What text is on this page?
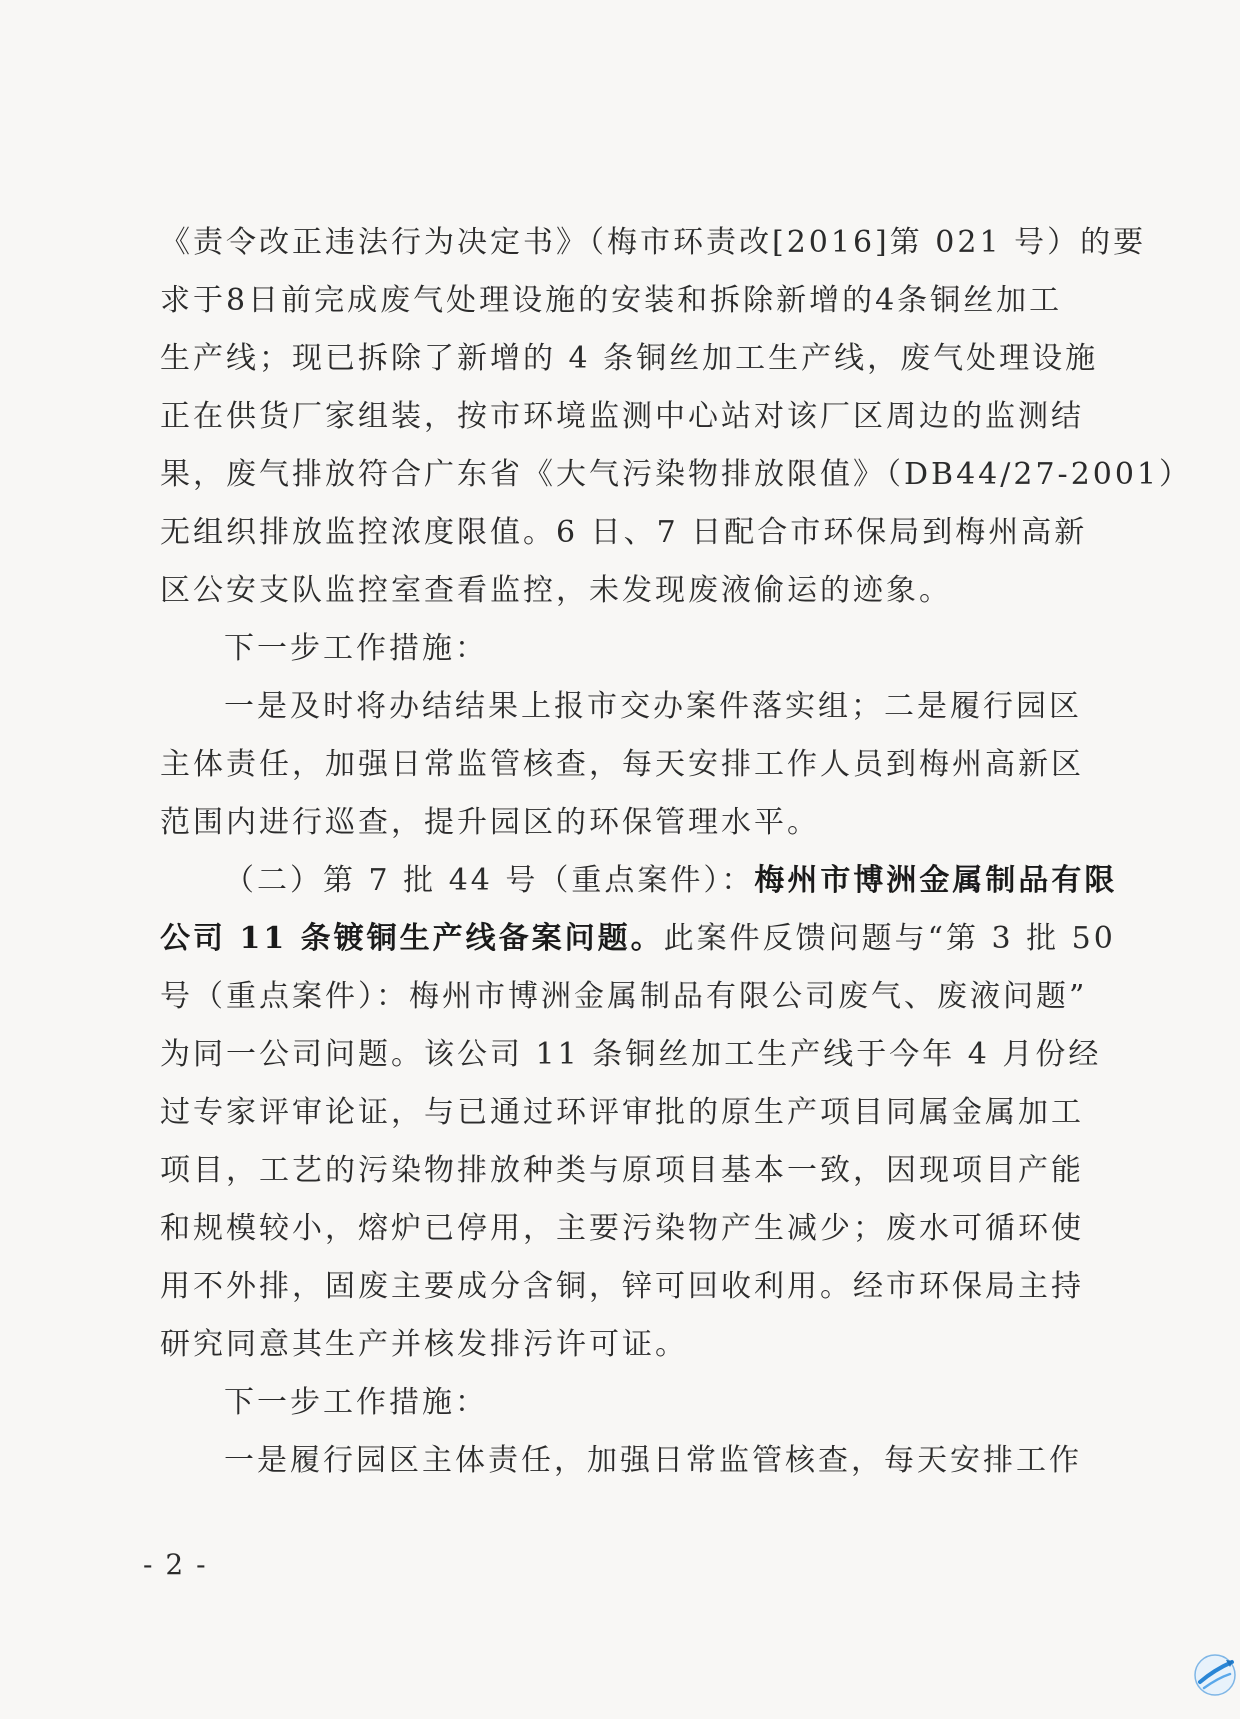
《责令改正违法行为决定书》（梅市环责改[2016]第 021 号）的要
求于8日前完成废气处理设施的安装和拆除新增的4条铜丝加工
生产线；现已拆除了新增的 4 条铜丝加工生产线，废气处理设施
正在供货厂家组装，按市环境监测中心站对该厂区周边的监测结
果，废气排放符合广东省《大气污染物排放限值》（DB44/27-2001）
无组织排放监控浓度限值。6 日、7 日配合市环保局到梅州高新
区公安支队监控室查看监控，未发现废液偷运的迹象。
下一步工作措施：
一是及时将办结结果上报市交办案件落实组；二是履行园区
主体责任，加强日常监管核查，每天安排工作人员到梅州高新区
范围内进行巡查，提升园区的环保管理水平。
（二）第 7 批 44 号（重点案件）：梅州市博洲金属制品有限
公司 11 条镀铜生产线备案问题。此案件反馈问题与“第 3 批 50
号（重点案件）：梅州市博洲金属制品有限公司废气、废液问题”
为同一公司问题。该公司 11 条铜丝加工生产线于今年 4 月份经
过专家评审论证，与已通过环评审批的原生产项目同属金属加工
项目，工艺的污染物排放种类与原项目基本一致，因现项目产能
和规模较小，熔炉已停用，主要污染物产生减少；废水可循环使
用不外排，固废主要成分含铜，锌可回收利用。经市环保局主持
研究同意其生产并核发排污许可证。
下一步工作措施：
一是履行园区主体责任，加强日常监管核查，每天安排工作
- 2 -
